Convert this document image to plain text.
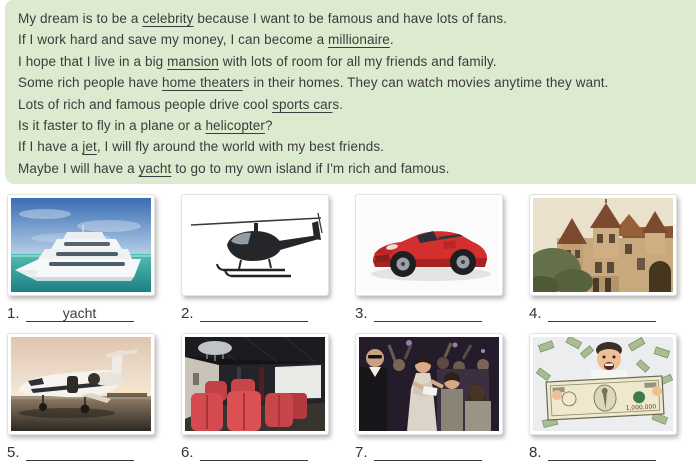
My dream is to be a celebrity because I want to be famous and have lots of fans.
If I work hard and save my money, I can become a millionaire.
I hope that I live in a big mansion with lots of room for all my friends and family.
Some rich people have home theaters in their homes. They can watch movies anytime they want.
Lots of rich and famous people drive cool sports cars.
Is it faster to fly in a plane or a helicopter?
If I have a jet, I will fly around the world with my best friends.
Maybe I will have a yacht to go to my own island if I'm rich and famous.
1.	yacht	2.	3.	4.
5.	6.	7.
1,000,000
8.
